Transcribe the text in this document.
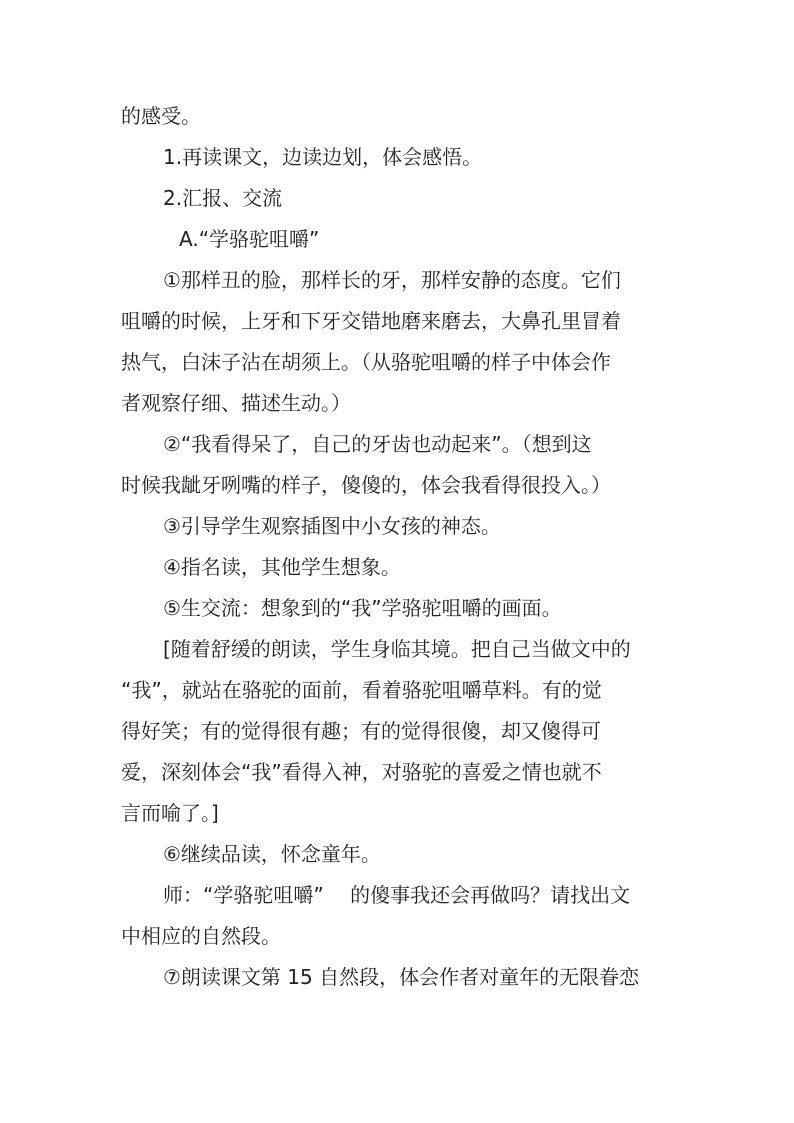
的感受。
1.再读课文，边读边划，体会感悟。
2.汇报、交流
A.“学骆驼咀嚼”
①那样丑的脸，那样长的牙，那样安静的态度。它们
咀嚼的时候，上牙和下牙交错地磨来磨去，大鼻孔里冒着
热气，白沫子沾在胡须上。（从骆驼咀嚼的样子中体会作
者观察仔细、描述生动。）
②“我看得呆了，自己的牙齿也动起来”。（想到这
时候我龇牙咧嘴的样子，傻傻的，体会我看得很投入。）
③引导学生观察插图中小女孩的神态。
④指名读，其他学生想象。
⑤生交流：想象到的“我”学骆驼咀嚼的画面。
[随着舒缓的朗读，学生身临其境。把自己当做文中的
“我”，就站在骆驼的面前，看着骆驼咀嚼草料。有的觉
得好笑；有的觉得很有趣；有的觉得很傻，却又傻得可
爱，深刻体会“我”看得入神，对骆驼的喜爱之情也就不
言而喻了。]
⑥继续品读，怀念童年。
师：“学骆驼咀嚼”　 的傻事我还会再做吗？请找出文
中相应的自然段。
⑦朗读课文第 15 自然段，体会作者对童年的无限眷恋
